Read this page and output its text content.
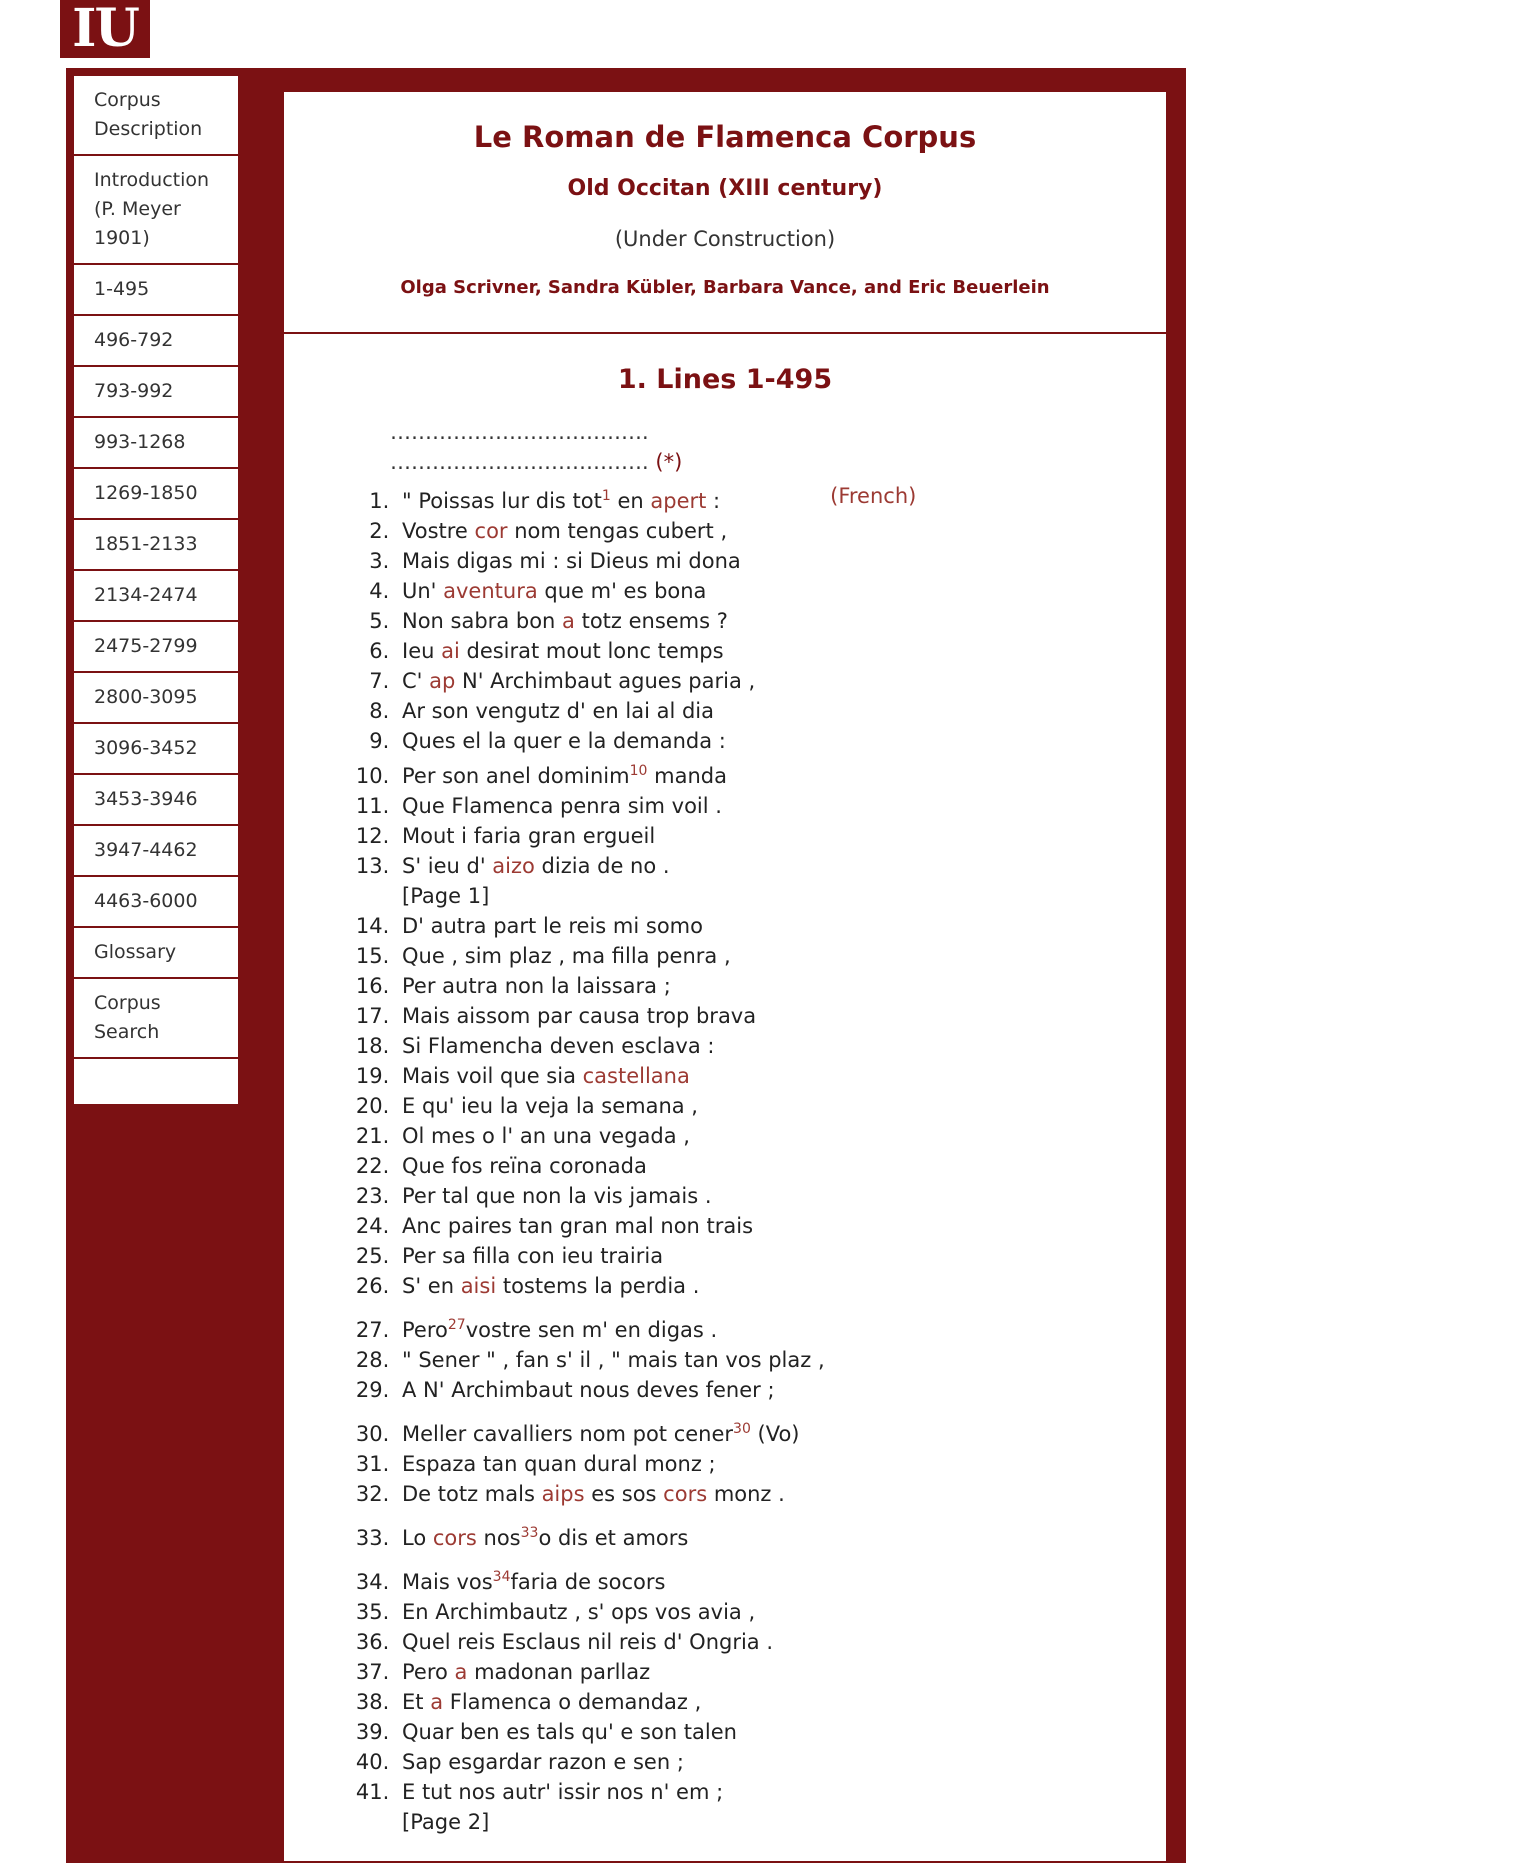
IU
Corpus Description
Introduction (P. Meyer 1901)
1-495
496-792
793-992
993-1268
1269-1850
1851-2133
2134-2474
2475-2799
2800-3095
3096-3452
3453-3946
3947-4462
4463-6000
Glossary
Corpus Search

Le Roman de Flamenca Corpus
Old Occitan (XIII century)
(Under Construction)
Olga Scrivner, Sandra Kübler, Barbara Vance, and Eric Beuerlein
1. Lines 1-495
……………………………….
………………………………. (*)
1. " Poissas lur dis tot$^1$ en apert :	(French)
2. Vostre cor nom tengas cubert ,
3. Mais digas mi : si Dieus mi dona
4. Un' aventura que m' es bona
5. Non sabra bon a totz ensems ?
6. Ieu ai desirat mout lonc temps
7. C' ap N' Archimbaut agues paria ,
8. Ar son vengutz d' en lai al dia
9. Ques el la quer e la demanda :
10. Per son anel dominim$^{10}$ manda
11. Que Flamenca penra sim voil .
12. Mout i faria gran ergueil
13. S' ieu d' aizo dizia de no .
[Page 1]
14. D' autra part le reis mi somo
15. Que , sim plaz , ma filla penra ,
16. Per autra non la laissara ;
17. Mais aissom par causa trop brava
18. Si Flamencha deven esclava :
19. Mais voil que sia castellana
20. E qu' ieu la veja la semana ,
21. Ol mes o l' an una vegada ,
22. Que fos reïna coronada
23. Per tal que non la vis jamais .
24. Anc paires tan gran mal non trais
25. Per sa filla con ieu trairia
26. S' en aisi tostems la perdia .
27. Pero$^{27}$vostre sen m' en digas .
28. " Sener " , fan s' il , " mais tan vos plaz ,
29. A N' Archimbaut nous deves fener ;
30. Meller cavalliers nom pot cener$^{30}$ (Vo)
31. Espaza tan quan dural monz ;
32. De totz mals aips es sos cors monz .
33. Lo cors nos$^{33}$o dis et amors
34. Mais vos$^{34}$faria de socors
35. En Archimbautz , s' ops vos avia ,
36. Quel reis Esclaus nil reis d' Ongria .
37. Pero a madonan parllaz
38. Et a Flamenca o demandaz ,
39. Quar ben es tals qu' e son talen
40. Sap esgardar razon e sen ;
41. E tut nos autr' issir nos n' em ;
[Page 2]
